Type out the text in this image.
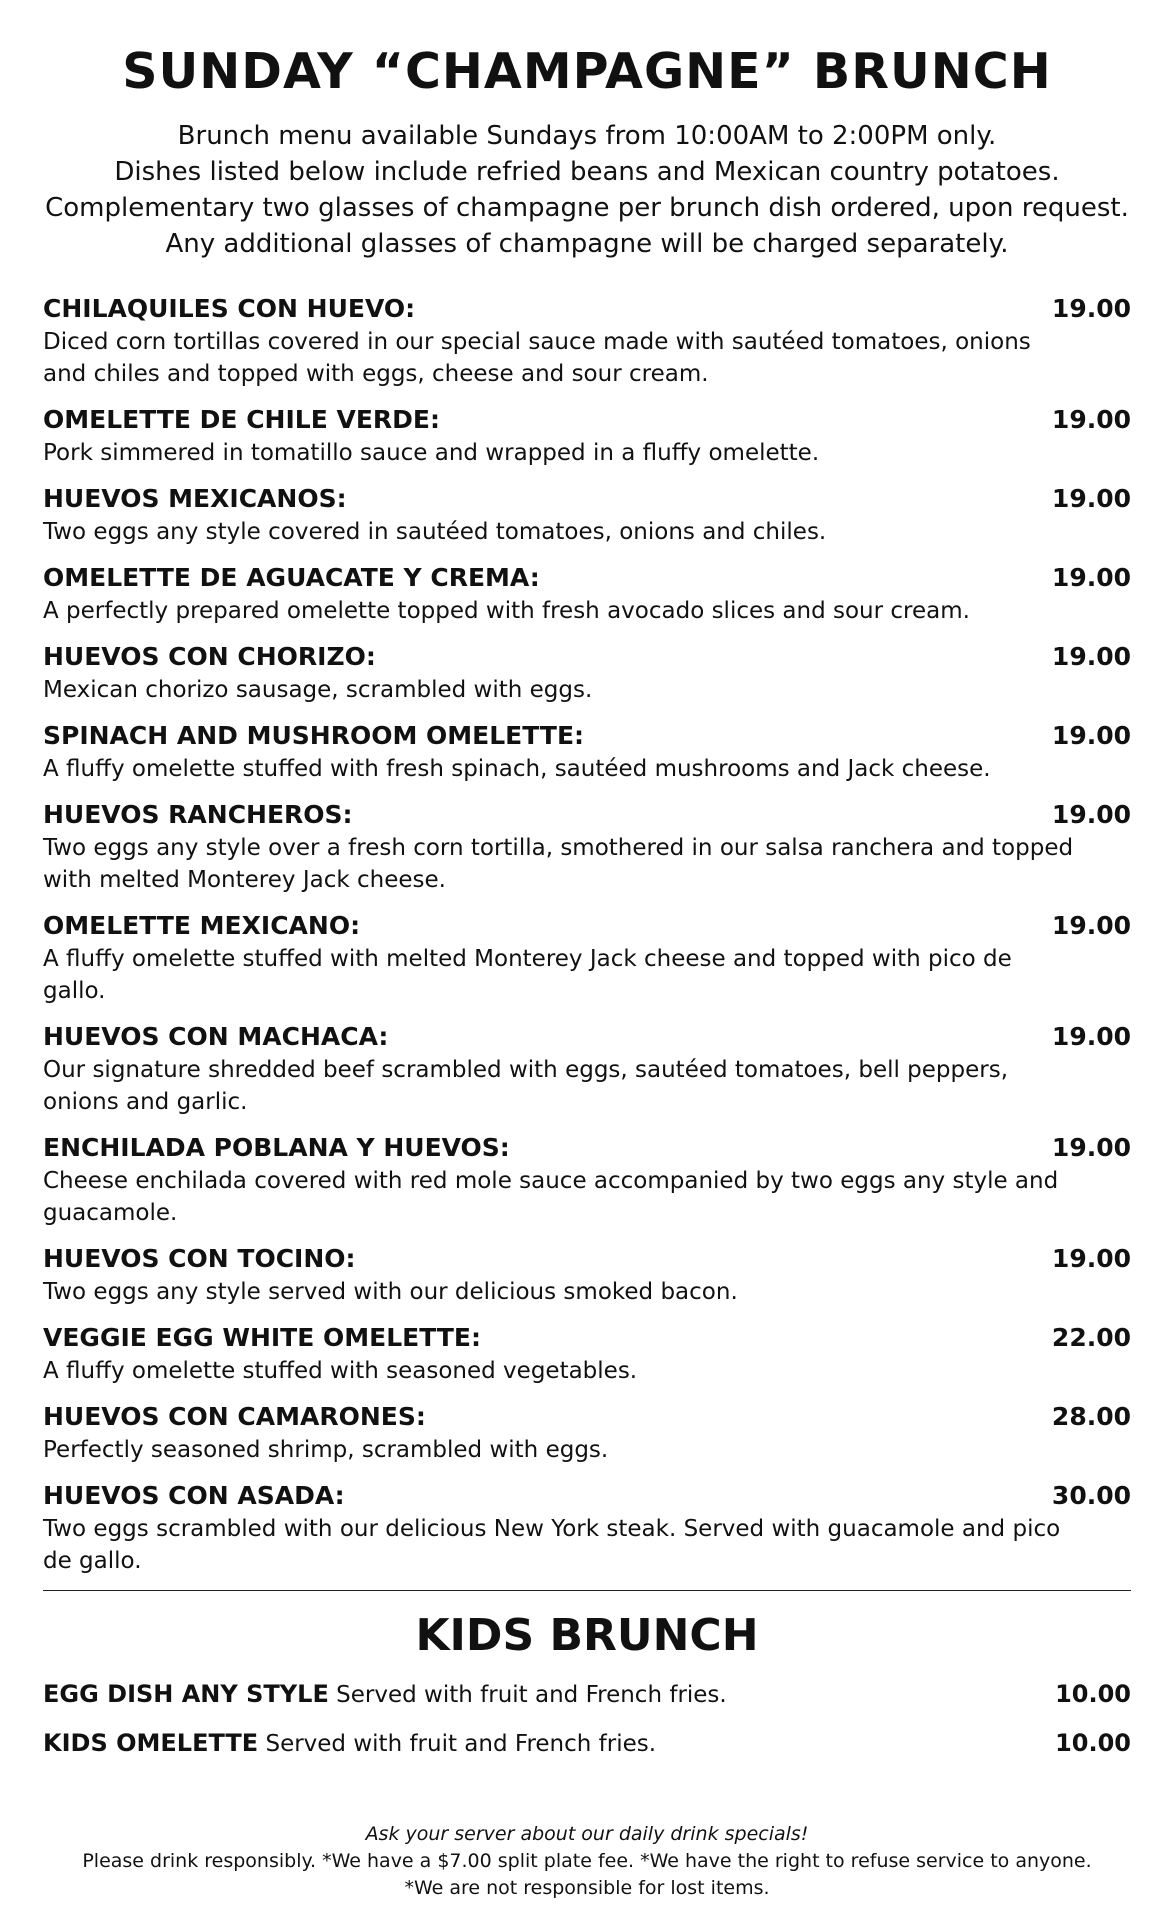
SUNDAY “CHAMPAGNE” BRUNCH
Brunch menu available Sundays from 10:00AM to 2:00PM only.
Dishes listed below include refried beans and Mexican country potatoes.
Complementary two glasses of champagne per brunch dish ordered, upon request.
Any additional glasses of champagne will be charged separately.
CHILAQUILES CON HUEVO:	19.00
Diced corn tortillas covered in our special sauce made with sautéed tomatoes, onions and chiles and topped with eggs, cheese and sour cream.
OMELETTE DE CHILE VERDE:	19.00
Pork simmered in tomatillo sauce and wrapped in a fluffy omelette.
HUEVOS MEXICANOS:	19.00
Two eggs any style covered in sautéed tomatoes, onions and chiles.
OMELETTE DE AGUACATE Y CREMA:	19.00
A perfectly prepared omelette topped with fresh avocado slices and sour cream.
HUEVOS CON CHORIZO:	19.00
Mexican chorizo sausage, scrambled with eggs.
SPINACH AND MUSHROOM OMELETTE:	19.00
A fluffy omelette stuffed with fresh spinach, sautéed mushrooms and Jack cheese.
HUEVOS RANCHEROS:	19.00
Two eggs any style over a fresh corn tortilla, smothered in our salsa ranchera and topped with melted Monterey Jack cheese.
OMELETTE MEXICANO:	19.00
A fluffy omelette stuffed with melted Monterey Jack cheese and topped with pico de gallo.
HUEVOS CON MACHACA:	19.00
Our signature shredded beef scrambled with eggs, sautéed tomatoes, bell peppers, onions and garlic.
ENCHILADA POBLANA Y HUEVOS:	19.00
Cheese enchilada covered with red mole sauce accompanied by two eggs any style and guacamole.
HUEVOS CON TOCINO:	19.00
Two eggs any style served with our delicious smoked bacon.
VEGGIE EGG WHITE OMELETTE:	22.00
A fluffy omelette stuffed with seasoned vegetables.
HUEVOS CON CAMARONES:	28.00
Perfectly seasoned shrimp, scrambled with eggs.
HUEVOS CON ASADA:	30.00
Two eggs scrambled with our delicious New York steak. Served with guacamole and pico de gallo.
KIDS BRUNCH
EGG DISH ANY STYLE Served with fruit and French fries.	10.00
KIDS OMELETTE Served with fruit and French fries.	10.00
Ask your server about our daily drink specials!
Please drink responsibly. *We have a $7.00 split plate fee. *We have the right to refuse service to anyone.
*We are not responsible for lost items.
